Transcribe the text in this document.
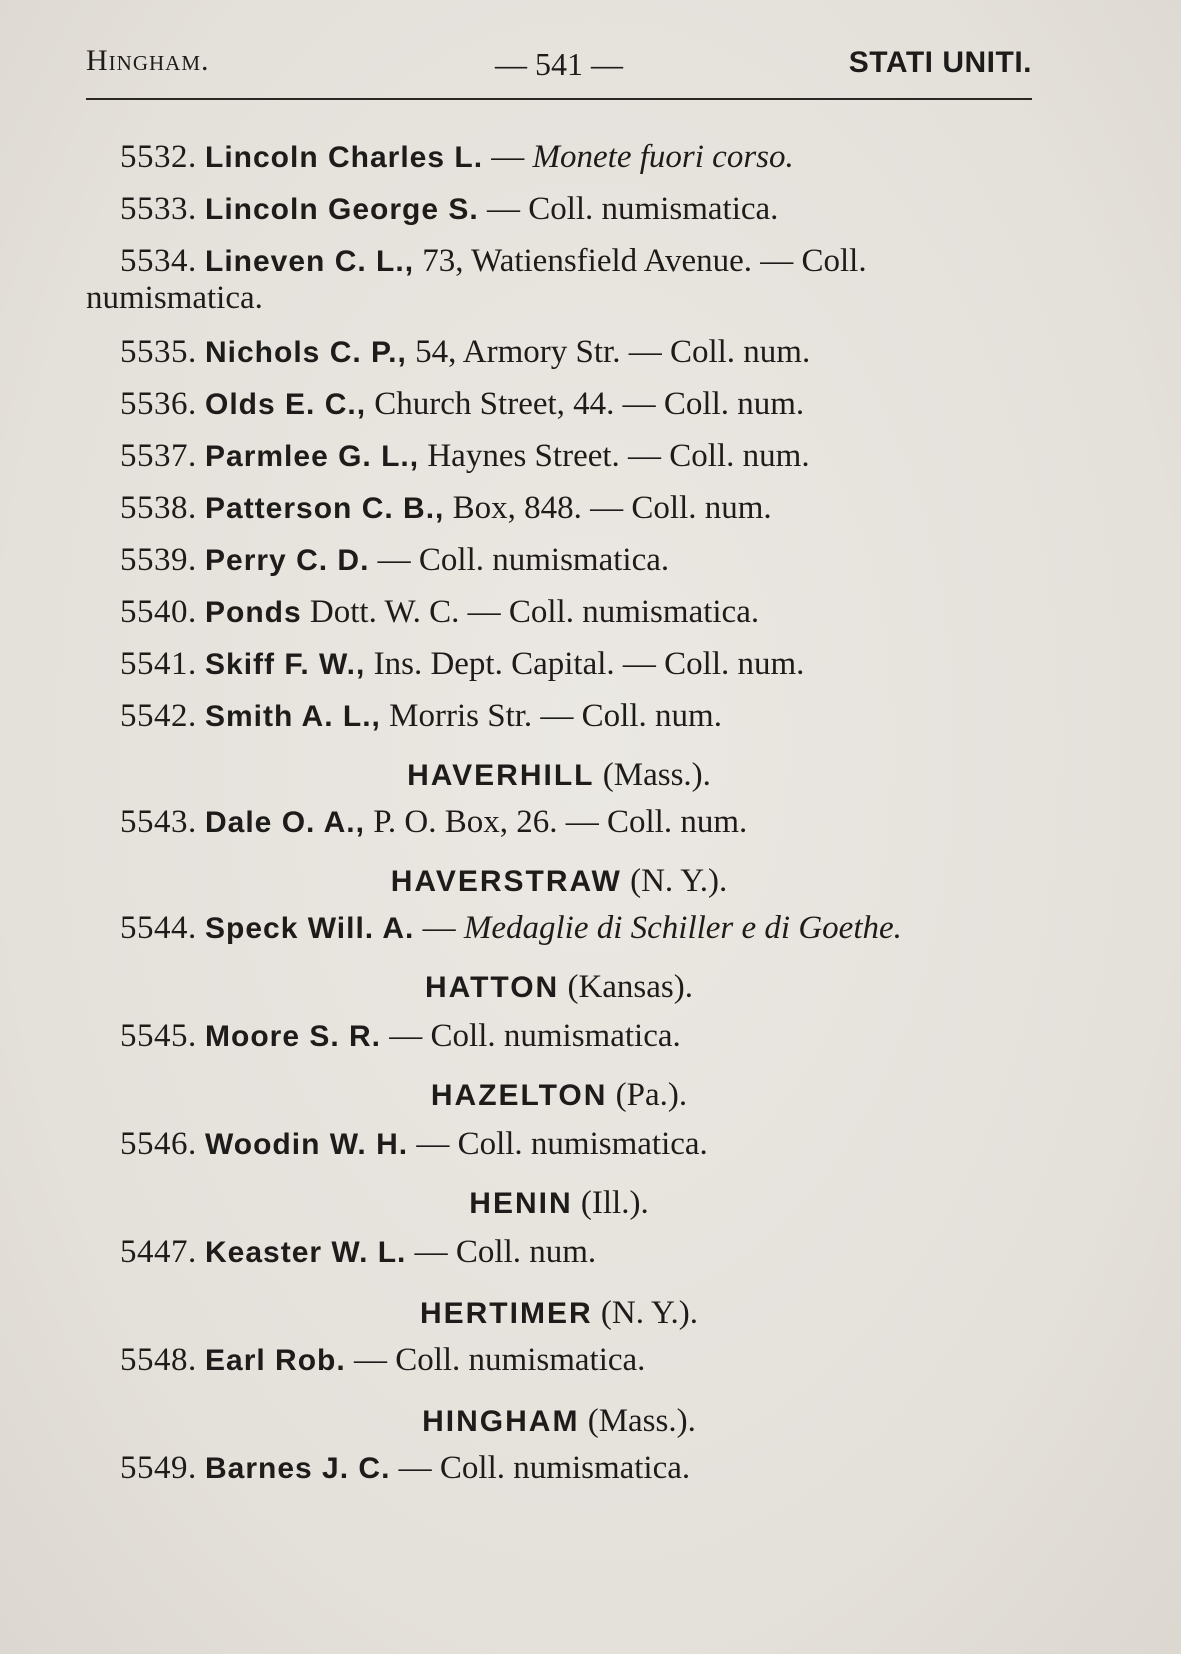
Hingham.	— 541 —	STATI UNITI.
5532. Lincoln Charles L. — Monete fuori corso.
5533. Lincoln George S. — Coll. numismatica.
5534. Lineven C. L., 73, Watiensfield Avenue. — Coll. numismatica.
5535. Nichols C. P., 54, Armory Str. — Coll. num.
5536. Olds E. C., Church Street, 44. — Coll. num.
5537. Parmlee G. L., Haynes Street. — Coll. num.
5538. Patterson C. B., Box, 848. — Coll. num.
5539. Perry C. D. — Coll. numismatica.
5540. Ponds Dott. W. C. — Coll. numismatica.
5541. Skiff F. W., Ins. Dept. Capital. — Coll. num.
5542. Smith A. L., Morris Str. — Coll. num.
HAVERHILL (Mass.).
5543. Dale O. A., P. O. Box, 26. — Coll. num.
HAVERSTRAW (N. Y.).
5544. Speck Will. A. — Medaglie di Schiller e di Goethe.
HATTON (Kansas).
5545. Moore S. R. — Coll. numismatica.
HAZELTON (Pa.).
5546. Woodin W. H. — Coll. numismatica.
HENIN (Ill.).
5447. Keaster W. L. — Coll. num.
HERTIMER (N. Y.).
5548. Earl Rob. — Coll. numismatica.
HINGHAM (Mass.).
5549. Barnes J. C. — Coll. numismatica.
